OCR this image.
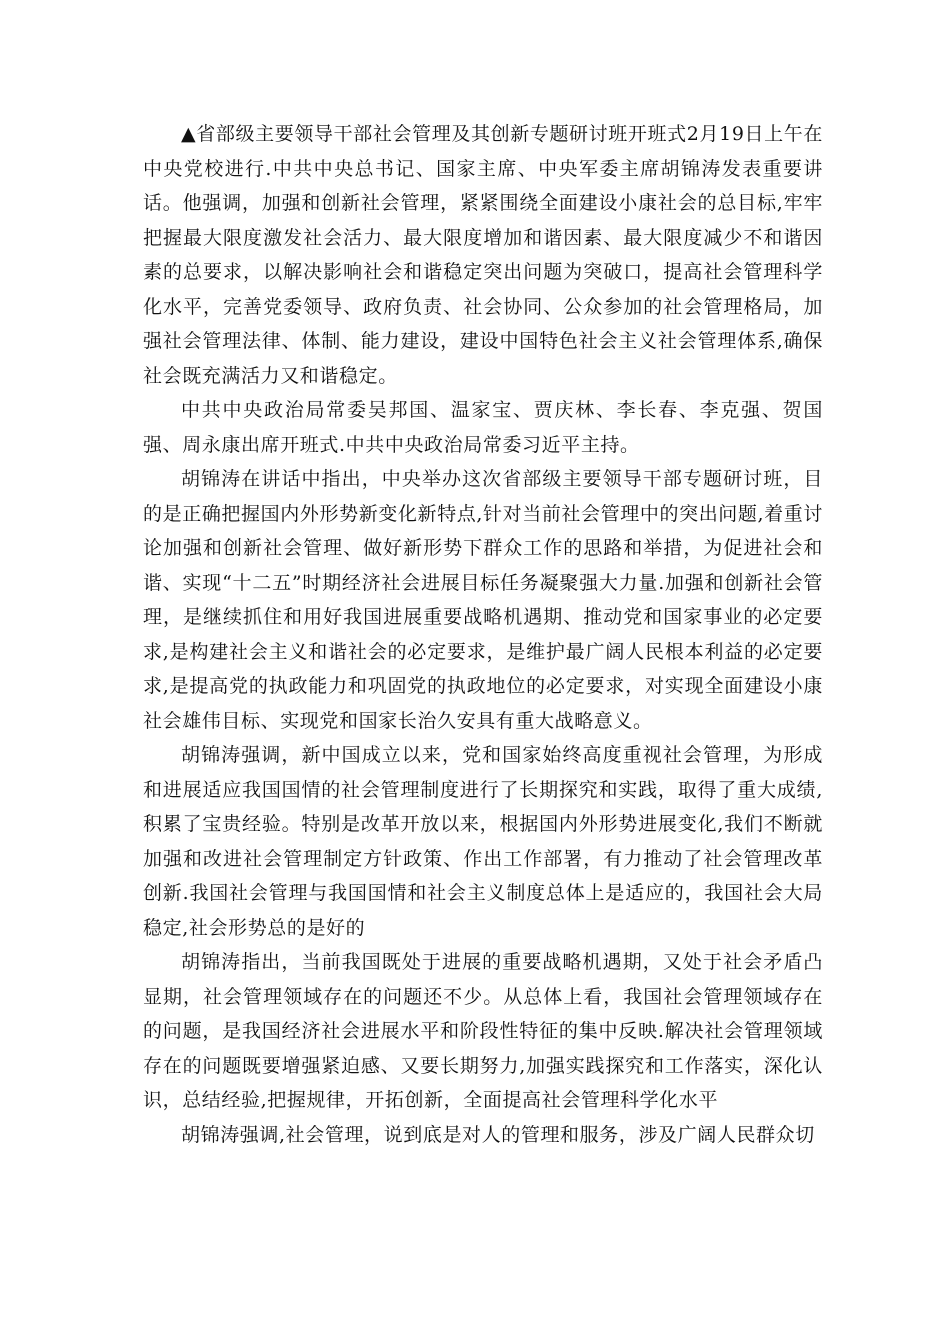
▲省部级主要领导干部社会管理及其创新专题研讨班开班式2月19日上午在中央党校进行.中共中央总书记、国家主席、中央军委主席胡锦涛发表重要讲话。他强调，加强和创新社会管理，紧紧围绕全面建设小康社会的总目标,牢牢把握最大限度激发社会活力、最大限度增加和谐因素、最大限度减少不和谐因素的总要求，以解决影响社会和谐稳定突出问题为突破口，提高社会管理科学化水平，完善党委领导、政府负责、社会协同、公众参加的社会管理格局，加强社会管理法律、体制、能力建设，建设中国特色社会主义社会管理体系,确保社会既充满活力又和谐稳定。

中共中央政治局常委吴邦国、温家宝、贾庆林、李长春、李克强、贺国强、周永康出席开班式.中共中央政治局常委习近平主持。

胡锦涛在讲话中指出，中央举办这次省部级主要领导干部专题研讨班，目的是正确把握国内外形势新变化新特点,针对当前社会管理中的突出问题,着重讨论加强和创新社会管理、做好新形势下群众工作的思路和举措，为促进社会和谐、实现“十二五”时期经济社会进展目标任务凝聚强大力量.加强和创新社会管理，是继续抓住和用好我国进展重要战略机遇期、推动党和国家事业的必定要求,是构建社会主义和谐社会的必定要求，是维护最广阔人民根本利益的必定要求,是提高党的执政能力和巩固党的执政地位的必定要求，对实现全面建设小康社会雄伟目标、实现党和国家长治久安具有重大战略意义。

胡锦涛强调，新中国成立以来，党和国家始终高度重视社会管理，为形成和进展适应我国国情的社会管理制度进行了长期探究和实践，取得了重大成绩,积累了宝贵经验。特别是改革开放以来，根据国内外形势进展变化,我们不断就加强和改进社会管理制定方针政策、作出工作部署，有力推动了社会管理改革创新.我国社会管理与我国国情和社会主义制度总体上是适应的，我国社会大局稳定,社会形势总的是好的

胡锦涛指出，当前我国既处于进展的重要战略机遇期，又处于社会矛盾凸显期，社会管理领域存在的问题还不少。从总体上看，我国社会管理领域存在的问题，是我国经济社会进展水平和阶段性特征的集中反映.解决社会管理领域存在的问题既要增强紧迫感、又要长期努力,加强实践探究和工作落实，深化认识，总结经验,把握规律，开拓创新，全面提高社会管理科学化水平

胡锦涛强调,社会管理，说到底是对人的管理和服务，涉及广阔人民群众切
